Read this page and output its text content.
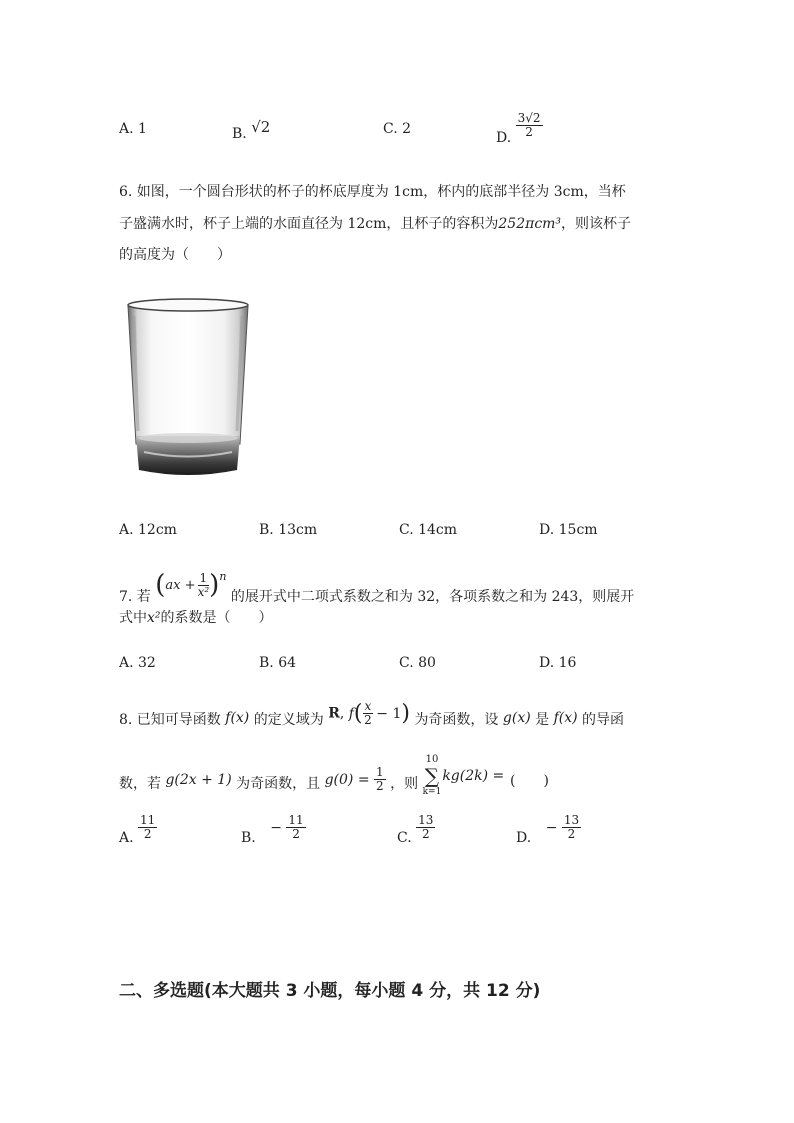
A. 1	B. √2	C. 2
D. $\frac{3√2}{2}$
6. 如图，一个圆台形状的杯子的杯底厚度为 1cm，杯内的底部半径为 3cm，当杯
子盛满水时，杯子上端的水面直径为 12cm，且杯子的容积为252πcm³，则该杯子
的高度为（　　）
A. 12cm	B. 13cm	C. 14cm	D. 15cm
7. 若 ( ax + $\frac{1}{\text{x²}} )^n$
的展开式中二项式系数之和为 32，各项系数之和为 243，则展开
式中x²的系数是（　　）
A. 32	B. 64	C. 80	D. 16
8. 已知可导函数 f(x) 的定义域为 R, f ( $\frac{x}{2} - 1$ ) 为奇函数，设 g(x) 是 f(x) 的导函
数，若 g(2x + 1) 为奇函数，且 $g(0) = \frac{1}{2}$ ，则
10
∑
k=1
kg(2k) = (　　)
A. $\frac{11}{2}$	B. − $\frac{11}{2}$	C. $\frac{13}{2}$	D. − $\frac{13}{2}$
二、多选题(本大题共 3 小题，每小题 4 分，共 12 分)
